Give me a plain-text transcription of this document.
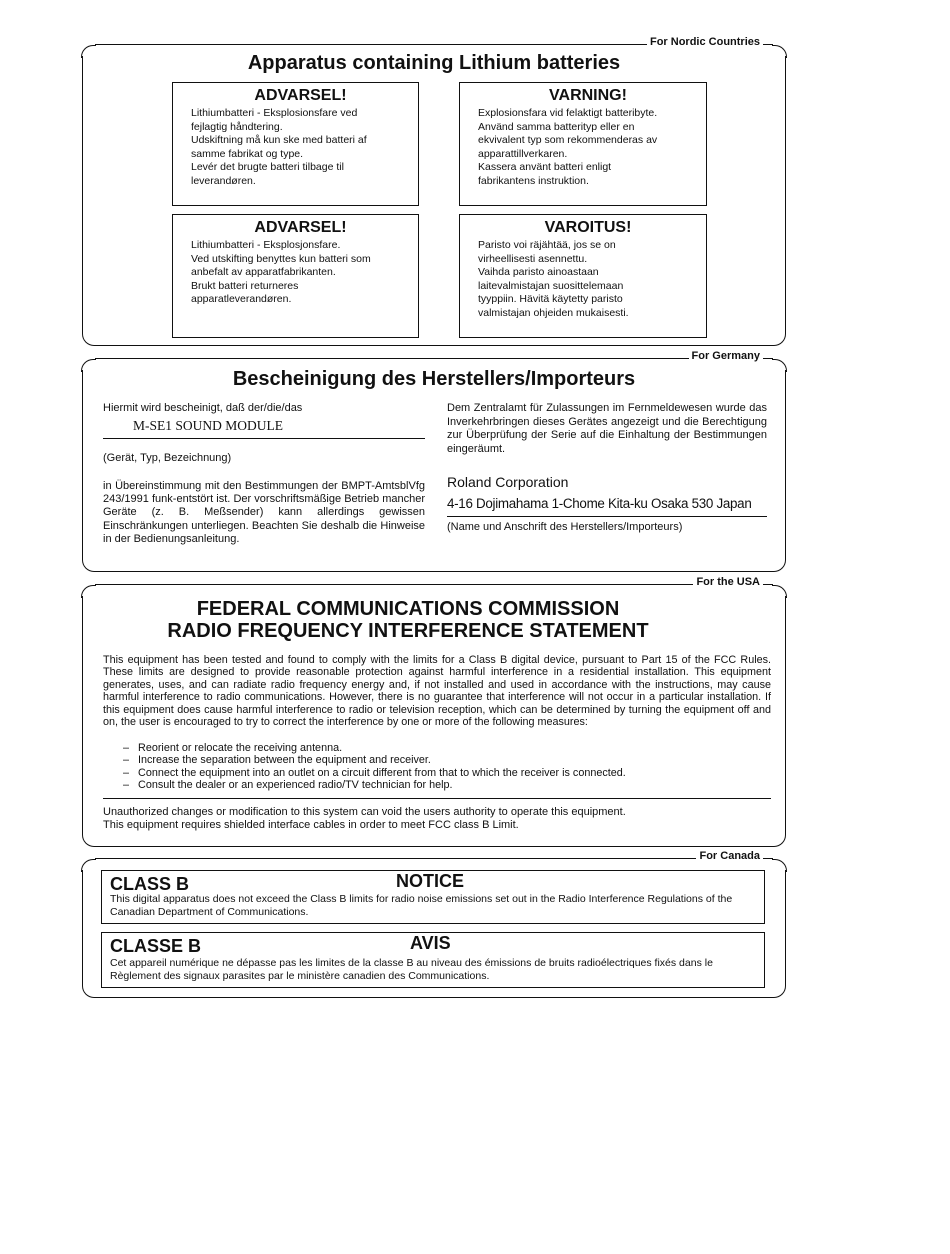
For Nordic Countries
Apparatus containing Lithium batteries
ADVARSEL!
Lithiumbatteri - Eksplosionsfare ved
fejlagtig håndtering.
Udskiftning må kun ske med batteri af
samme fabrikat og type.
Levér det brugte batteri tilbage til
leverandøren.
VARNING!
Explosionsfara vid felaktigt batteribyte.
Använd samma batterityp eller en
ekvivalent typ som rekommenderas av
apparattillverkaren.
Kassera använt batteri enligt
fabrikantens instruktion.
ADVARSEL!
Lithiumbatteri - Eksplosjonsfare.
Ved utskifting benyttes kun batteri som
anbefalt av apparatfabrikanten.
Brukt batteri returneres
apparatleverandøren.
VAROITUS!
Paristo voi räjähtää, jos se on
virheellisesti asennettu.
Vaihda paristo ainoastaan
laitevalmistajan suosittelemaan
tyyppiin. Hävitä käytetty paristo
valmistajan ohjeiden mukaisesti.
For Germany
Bescheinigung des Herstellers/Importeurs
Hiermit wird bescheinigt, daß der/die/das
M-SE1 SOUND MODULE
(Gerät, Typ, Bezeichnung)
in Übereinstimmung mit den Bestimmungen der BMPT-AmtsblVfg 243/1991 funk-entstört ist. Der vorschriftsmäßige Betrieb mancher Geräte (z. B. Meßsender) kann allerdings gewissen Einschränkungen unterliegen. Beachten Sie deshalb die Hinweise in der Bedienungsanleitung.
Dem Zentralamt für Zulassungen im Fernmeldewesen wurde das Inverkehrbringen dieses Gerätes angezeigt und die Berechtigung zur Überprüfung der Serie auf die Einhaltung der Bestimmungen eingeräumt.
Roland Corporation
4-16 Dojimahama 1-Chome Kita-ku Osaka 530 Japan
(Name und Anschrift des Herstellers/Importeurs)
For the USA
FEDERAL COMMUNICATIONS COMMISSION
RADIO FREQUENCY INTERFERENCE STATEMENT
This equipment has been tested and found to comply with the limits for a Class B digital device, pursuant to Part 15 of the FCC Rules. These limits are designed to provide reasonable protection against harmful interference in a residential installation. This equipment generates, uses, and can radiate radio frequency energy and, if not installed and used in accordance with the instructions, may cause harmful interference to radio communications. However, there is no guarantee that interference will not occur in a particular installation. If this equipment does cause harmful interference to radio or television reception, which can be determined by turning the equipment off and on, the user is encouraged to try to correct the interference by one or more of the following measures:
–   Reorient or relocate the receiving antenna.
–   Increase the separation between the equipment and receiver.
–   Connect the equipment into an outlet on a circuit different from that to which the receiver is connected.
–   Consult the dealer or an experienced radio/TV technician for help.
Unauthorized changes or modification to this system can void the users authority to operate this equipment.
This equipment requires shielded interface cables in order to meet FCC class B Limit.
For Canada
CLASS B	NOTICE
This digital apparatus does not exceed the Class B limits for radio noise emissions set out in the Radio Interference Regulations of the Canadian Department of Communications.
CLASSE B	AVIS
Cet appareil numérique ne dépasse pas les limites de la classe B au niveau des émissions de bruits radioélectriques fixés dans le Règlement des signaux parasites par le ministère canadien des Communications.
